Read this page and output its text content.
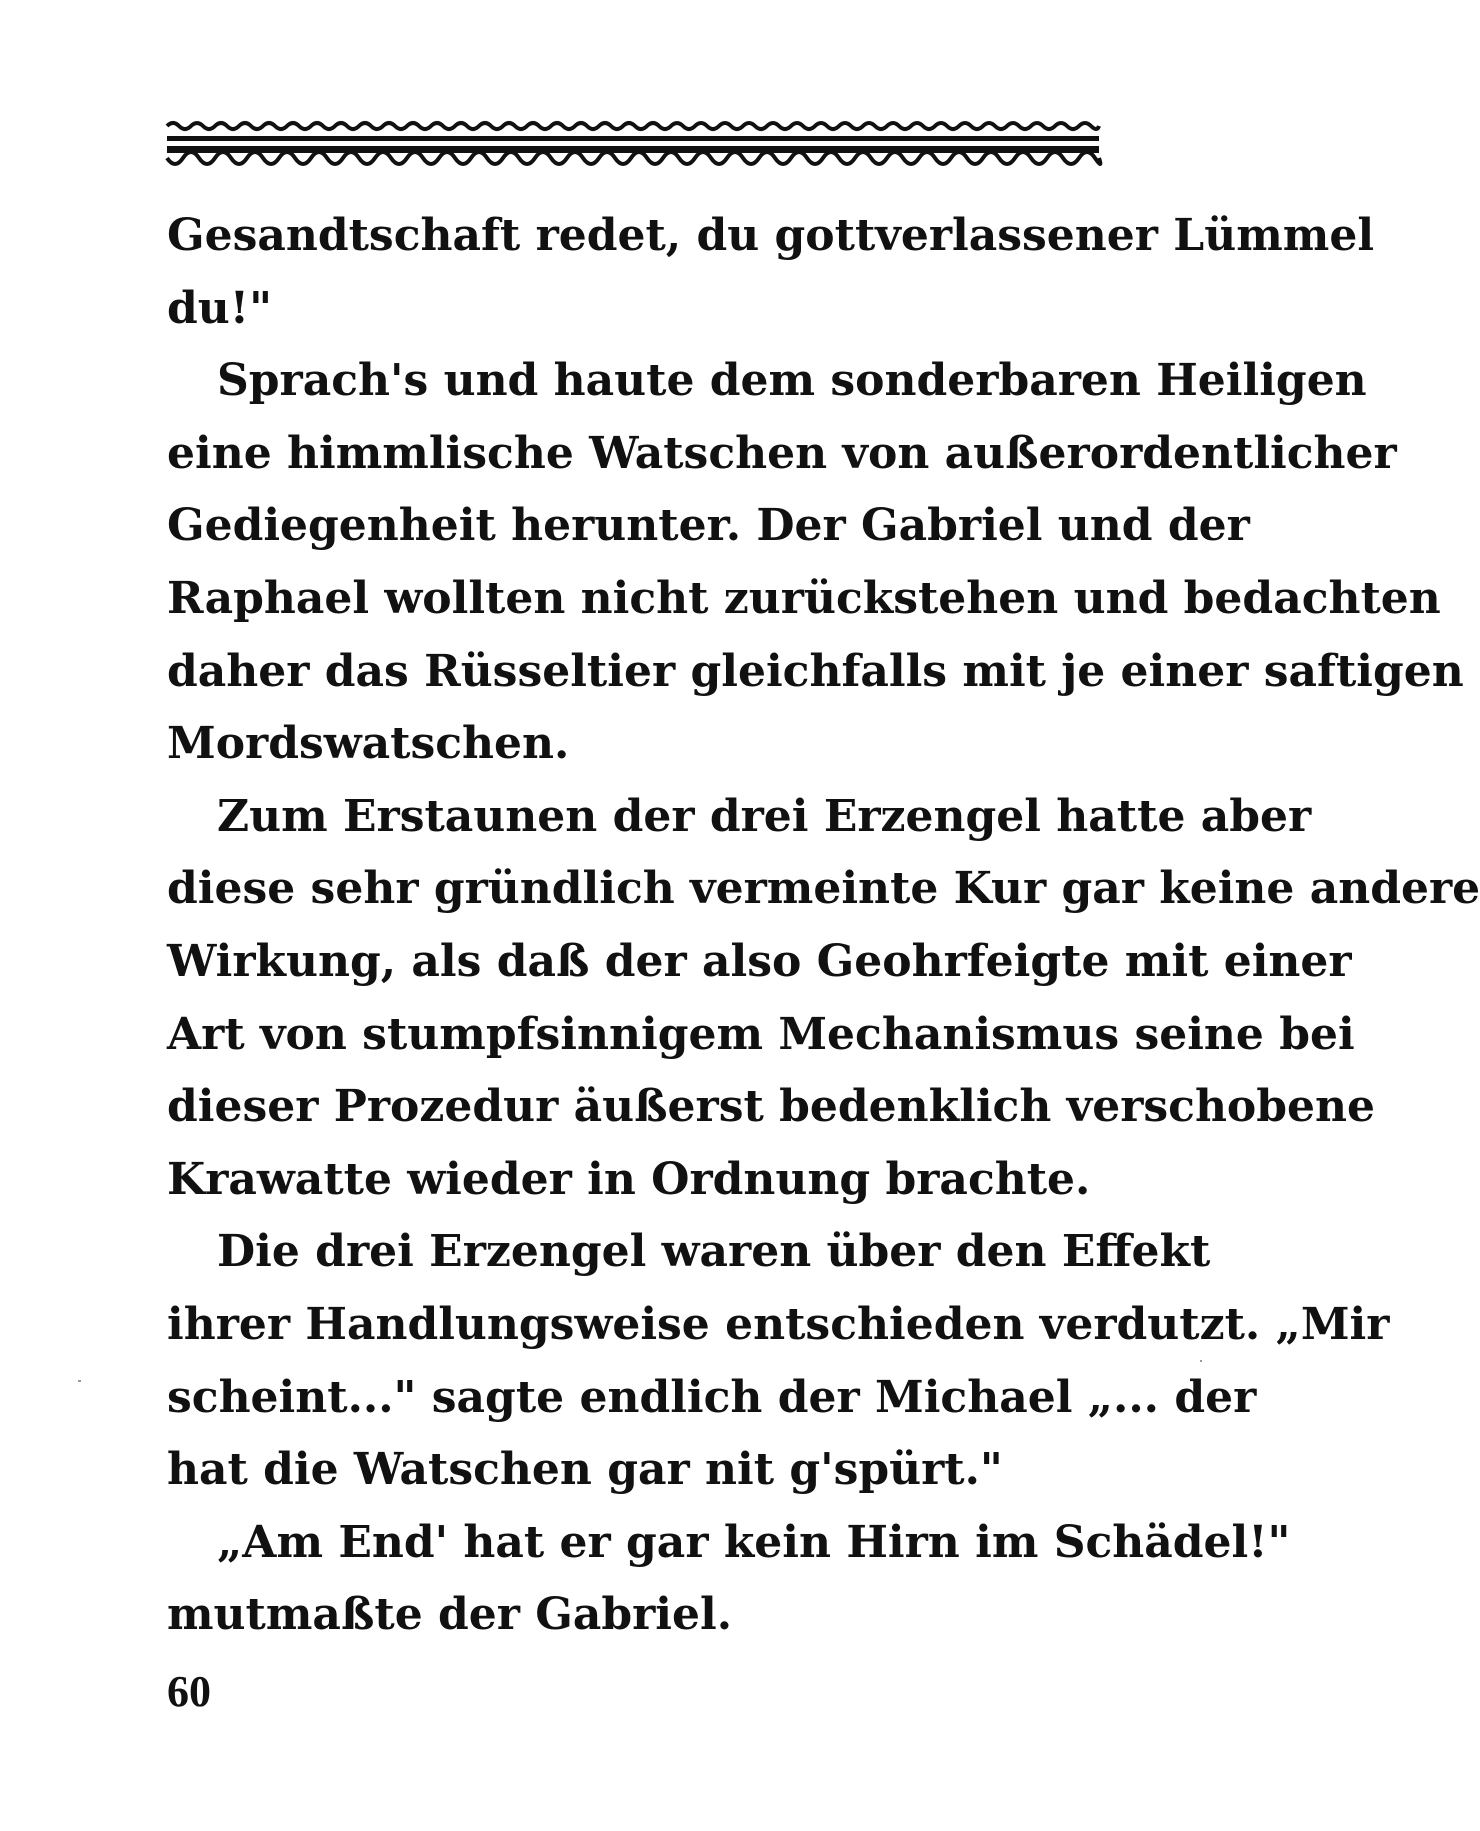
Gesandtschaft redet, du gottverlassener Lümmel
du!"
Sprach's und haute dem sonderbaren Heiligen
eine himmlische Watschen von außerordentlicher
Gediegenheit herunter. Der Gabriel und der
Raphael wollten nicht zurückstehen und bedachten
daher das Rüsseltier gleichfalls mit je einer saftigen
Mordswatschen.
Zum Erstaunen der drei Erzengel hatte aber
diese sehr gründlich vermeinte Kur gar keine andere
Wirkung, als daß der also Geohrfeigte mit einer
Art von stumpfsinnigem Mechanismus seine bei
dieser Prozedur äußerst bedenklich verschobene
Krawatte wieder in Ordnung brachte.
Die drei Erzengel waren über den Effekt
ihrer Handlungsweise entschieden verdutzt. „Mir
scheint..." sagte endlich der Michael „... der
hat die Watschen gar nit g'spürt."
„Am End' hat er gar kein Hirn im Schädel!"
mutmaßte der Gabriel.
60
